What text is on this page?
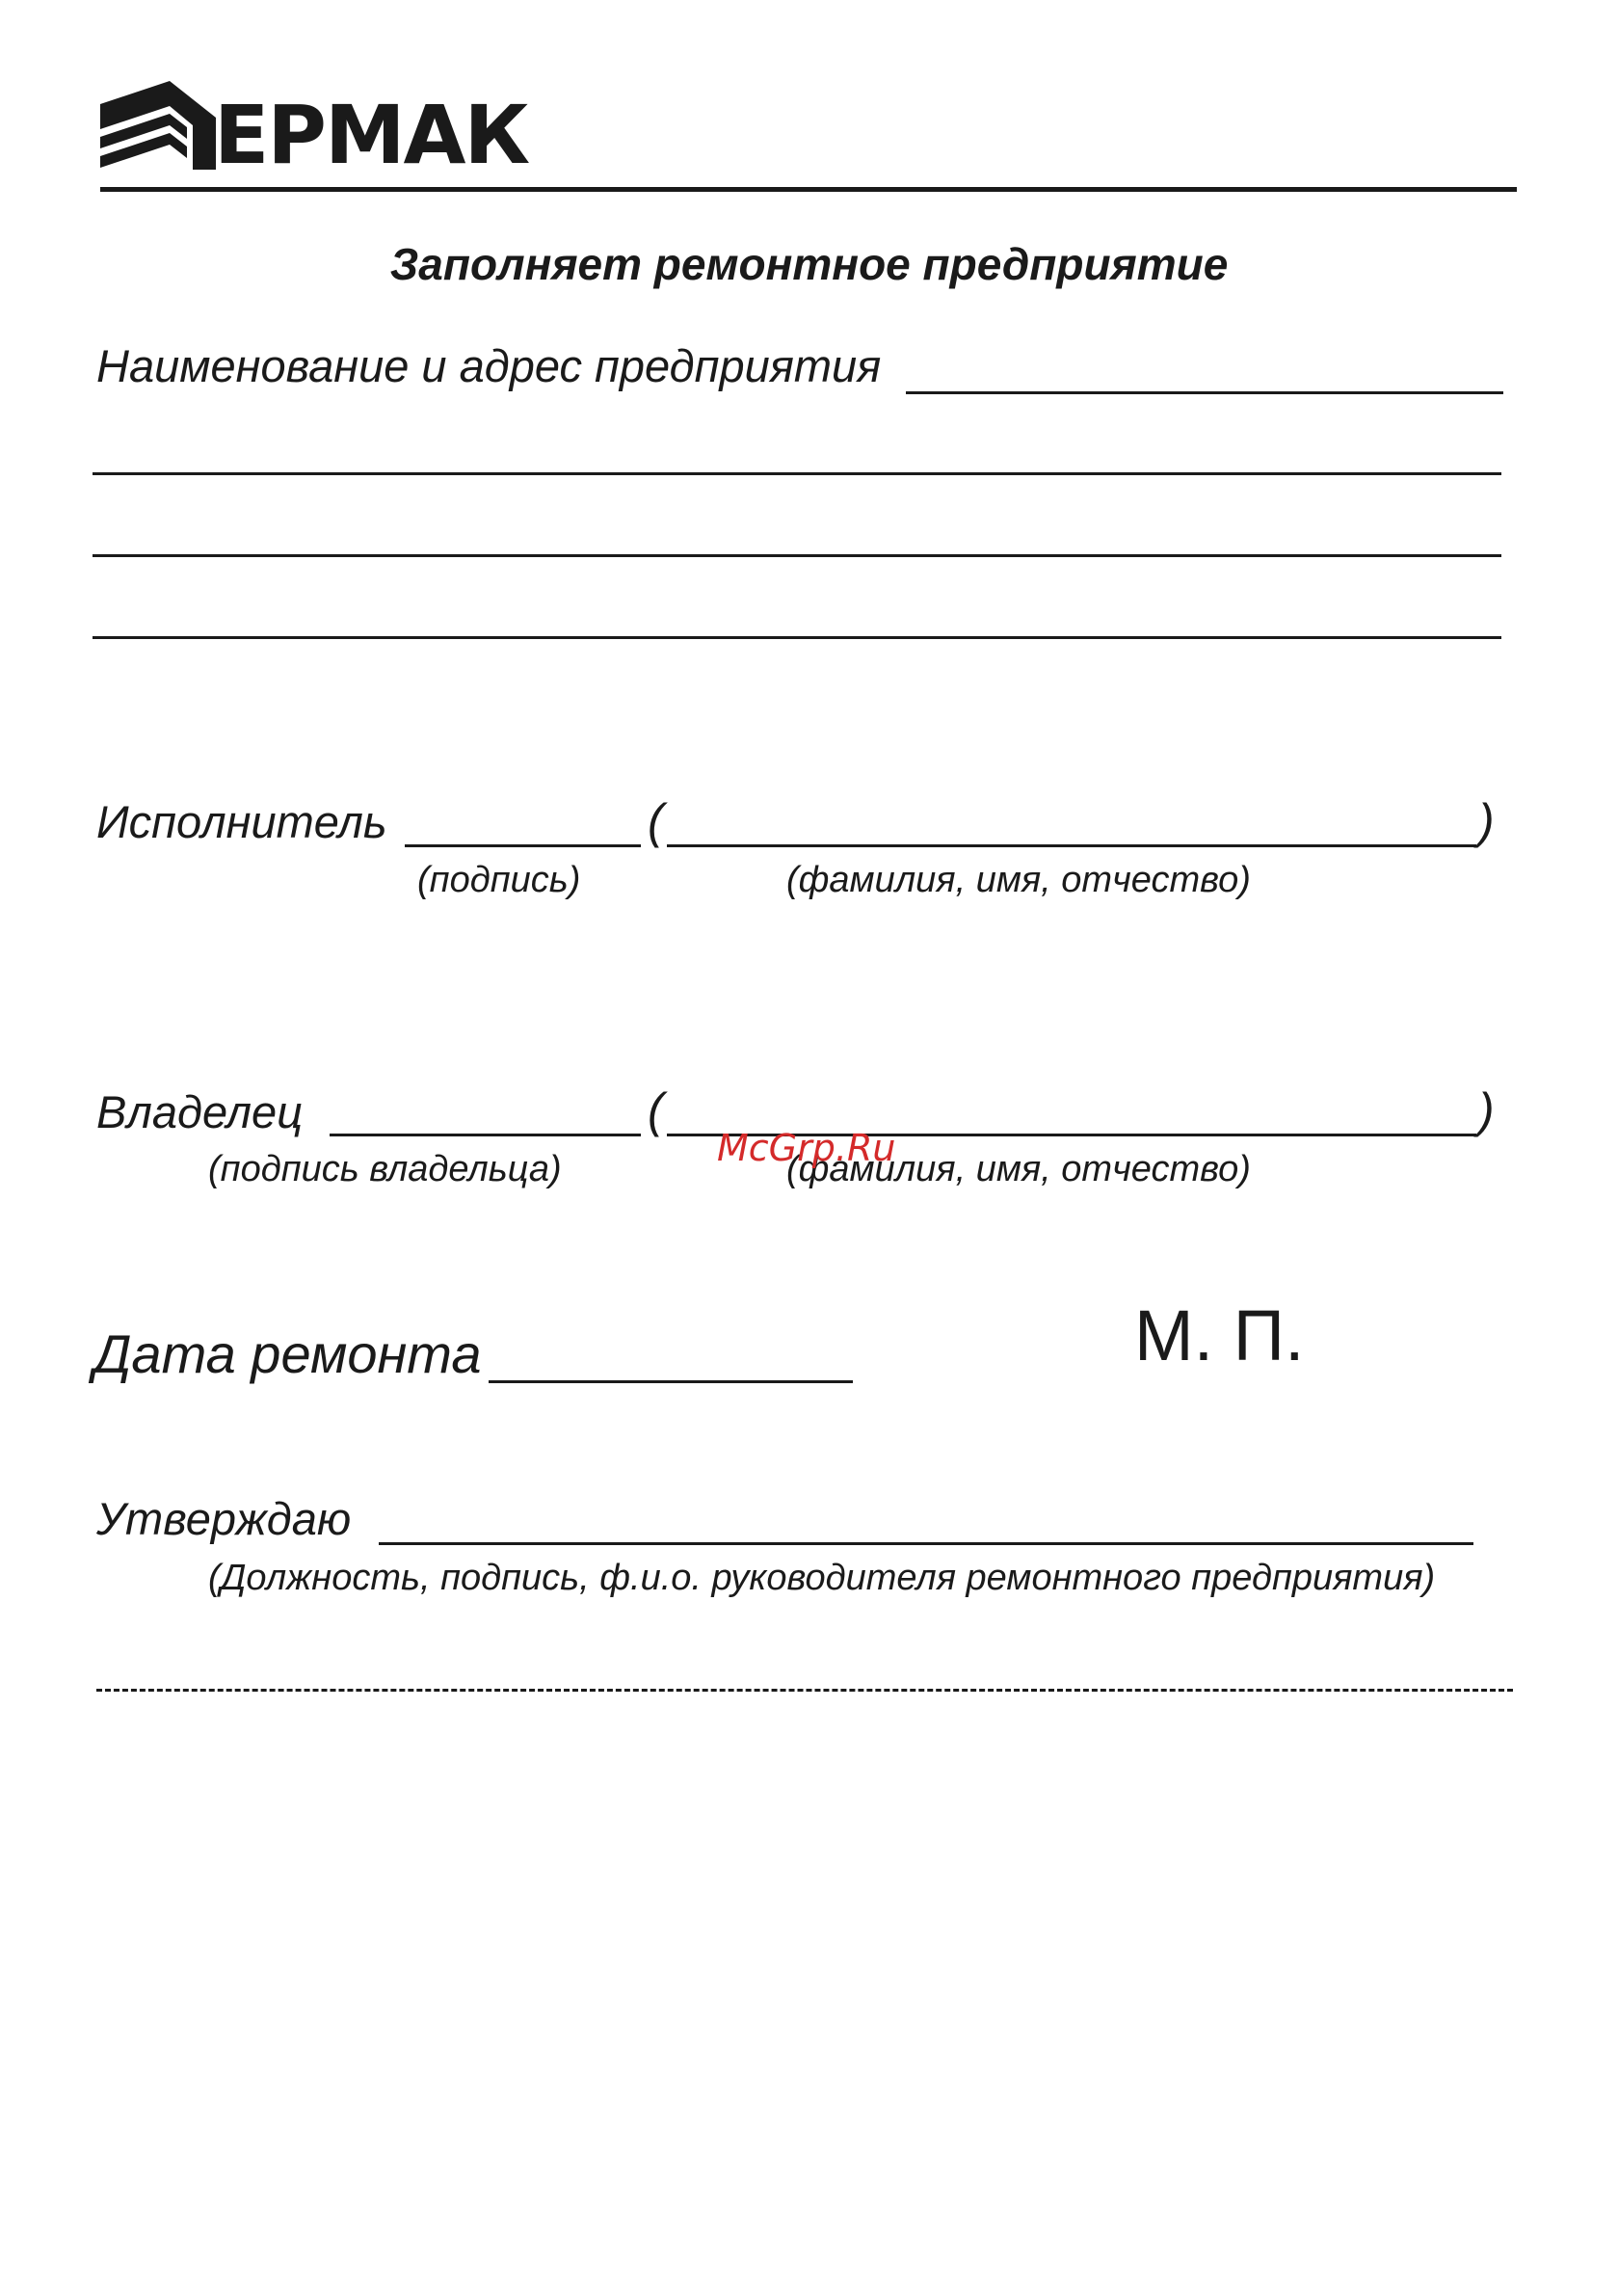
ЕРМАК
Заполняет ремонтное предприятие
Наименование и адрес предприятия
Исполнитель	(	)
(подпись)	(фамилия, имя, отчество)
Владелец	(	)
(подпись владельца)	(фамилия, имя, отчество)
McGrp.Ru
Дата ремонта	М. П.
Утверждаю
(Должность, подпись, ф.и.о. руководителя ремонтного предприятия)
